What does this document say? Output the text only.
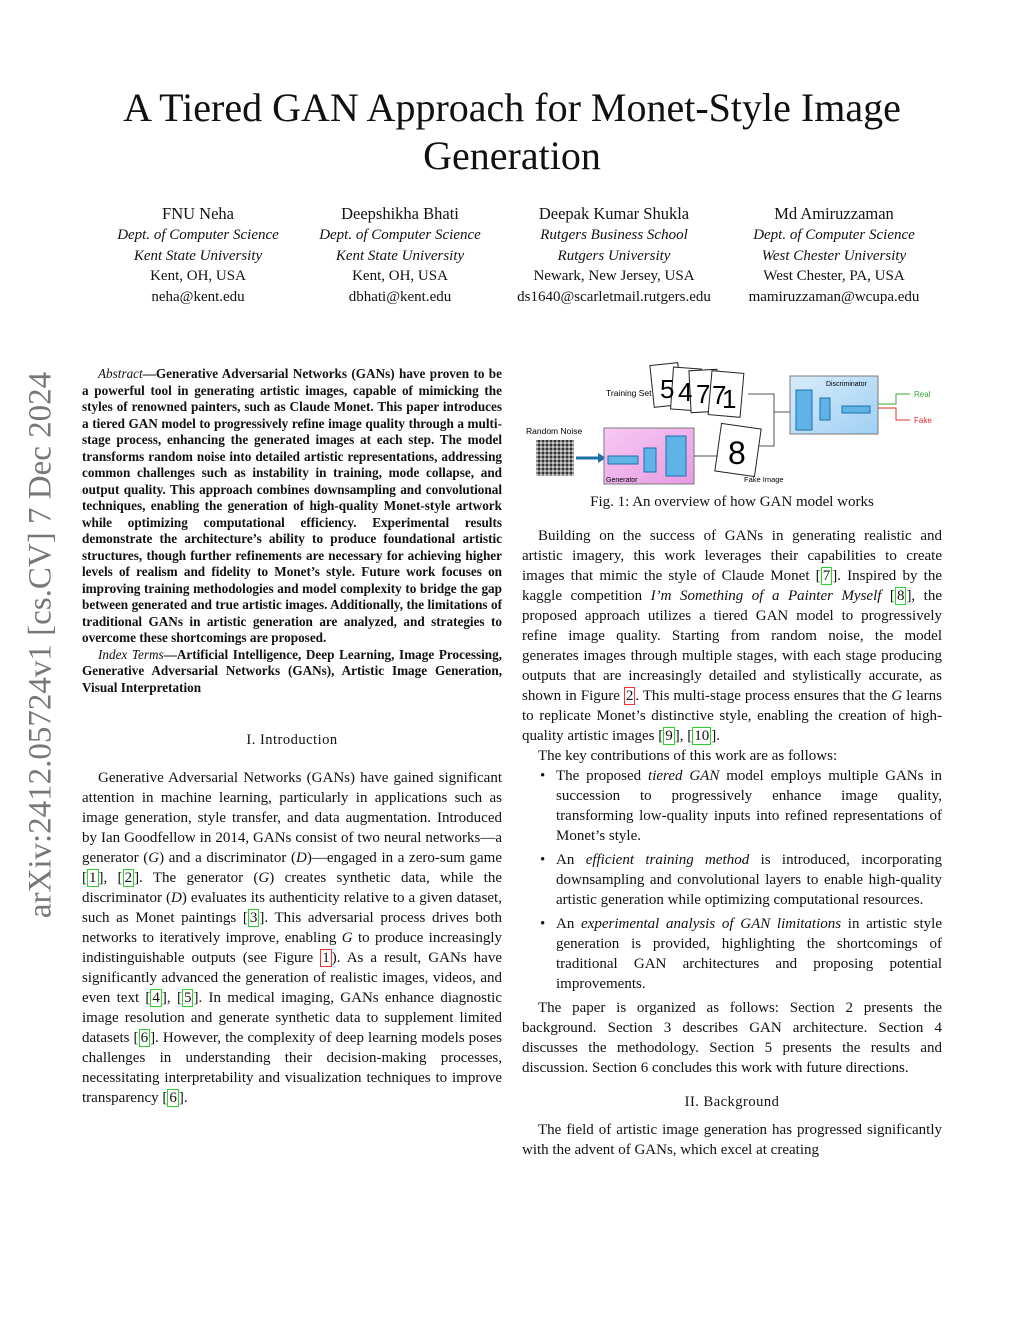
A Tiered GAN Approach for Monet-Style Image Generation
FNU Neha
Dept. of Computer Science
Kent State University
Kent, OH, USA
neha@kent.edu
Deepshikha Bhati
Dept. of Computer Science
Kent State University
Kent, OH, USA
dbhati@kent.edu
Deepak Kumar Shukla
Rutgers Business School
Rutgers University
Newark, New Jersey, USA
ds1640@scarletmail.rutgers.edu
Md Amiruzzaman
Dept. of Computer Science
West Chester University
West Chester, PA, USA
mamiruzzaman@wcupa.edu
arXiv:2412.05724v1 [cs.CV] 7 Dec 2024	Abstract—Generative Adversarial Networks (GANs) have proven to be a powerful tool in generating artistic images, capable of mimicking the styles of renowned painters, such as Claude Monet. This paper introduces a tiered GAN model to progressively refine image quality through a multi-stage process, enhancing the generated images at each step. The model transforms random noise into detailed artistic representations, addressing common challenges such as instability in training, mode collapse, and output quality. This approach combines downsampling and convolutional techniques, enabling the generation of high-quality Monet-style artwork while optimizing computational efficiency. Experimental results demonstrate the architecture’s ability to produce foundational artistic structures, though further refinements are necessary for achieving higher levels of realism and fidelity to Monet’s style. Future work focuses on improving training methodologies and model complexity to bridge the gap between generated and true artistic images. Additionally, the limitations of traditional GANs in artistic generation are analyzed, and strategies to overcome these shortcomings are proposed.

Index Terms—Artificial Intelligence, Deep Learning, Image Processing, Generative Adversarial Networks (GANs), Artistic Image Generation, Visual Interpretation

I. Introduction

Generative Adversarial Networks (GANs) have gained significant attention in machine learning, particularly in applications such as image generation, style transfer, and data augmentation. Introduced by Ian Goodfellow in 2014, GANs consist of two neural networks—a generator (G) and a discriminator (D)—engaged in a zero-sum game [ 1 ], [ 2 ]. The generator (G) creates synthetic data, while the discriminator (D) evaluates its authenticity relative to a given dataset, such as Monet paintings [ 3 ]. This adversarial process drives both networks to iteratively improve, enabling G to produce increasingly indistinguishable outputs (see Figure 1 ). As a result, GANs have significantly advanced the generation of realistic images, videos, and even text [ 4 ], [ 5 ]. In medical imaging, GANs enhance diagnostic image resolution and generate synthetic data to supplement limited datasets [ 6 ]. However, the complexity of deep learning models poses challenges in understanding their decision-making processes, necessitating interpretability and visualization techniques to improve transparency [ 6 ].

5 4 7 7
1
Training Set
Random Noise
Generator
8
Fake Image
Discriminator
Real
Fake
Fig. 1: An overview of how GAN model works

Building on the success of GANs in generating realistic and artistic imagery, this work leverages their capabilities to create images that mimic the style of Claude Monet [ 7 ]. Inspired by the kaggle competition I’m Something of a Painter Myself [ 8 ], the proposed approach utilizes a tiered GAN model to progressively refine image quality. Starting from random noise, the model generates images through multiple stages, with each stage producing outputs that are increasingly detailed and stylistically accurate, as shown in Figure 2 . This multi-stage process ensures that the G learns to replicate Monet’s distinctive style, enabling the creation of high-quality artistic images [ 9 ], [ 10 ].

The key contributions of this work are as follows:

• The proposed tiered GAN model employs multiple GANs in succession to progressively enhance image quality, transforming low-quality inputs into refined representations of Monet’s style.
• An efficient training method is introduced, incorporating downsampling and convolutional layers to enable high-quality artistic generation while optimizing computational resources.
• An experimental analysis of GAN limitations in artistic style generation is provided, highlighting the shortcomings of traditional GAN architectures and proposing potential improvements.

The paper is organized as follows: Section 2 presents the background. Section 3 describes GAN architecture. Section 4 discusses the methodology. Section 5 presents the results and discussion. Section 6 concludes this work with future directions.

II. Background

The field of artistic image generation has progressed significantly with the advent of GANs, which excel at creating
